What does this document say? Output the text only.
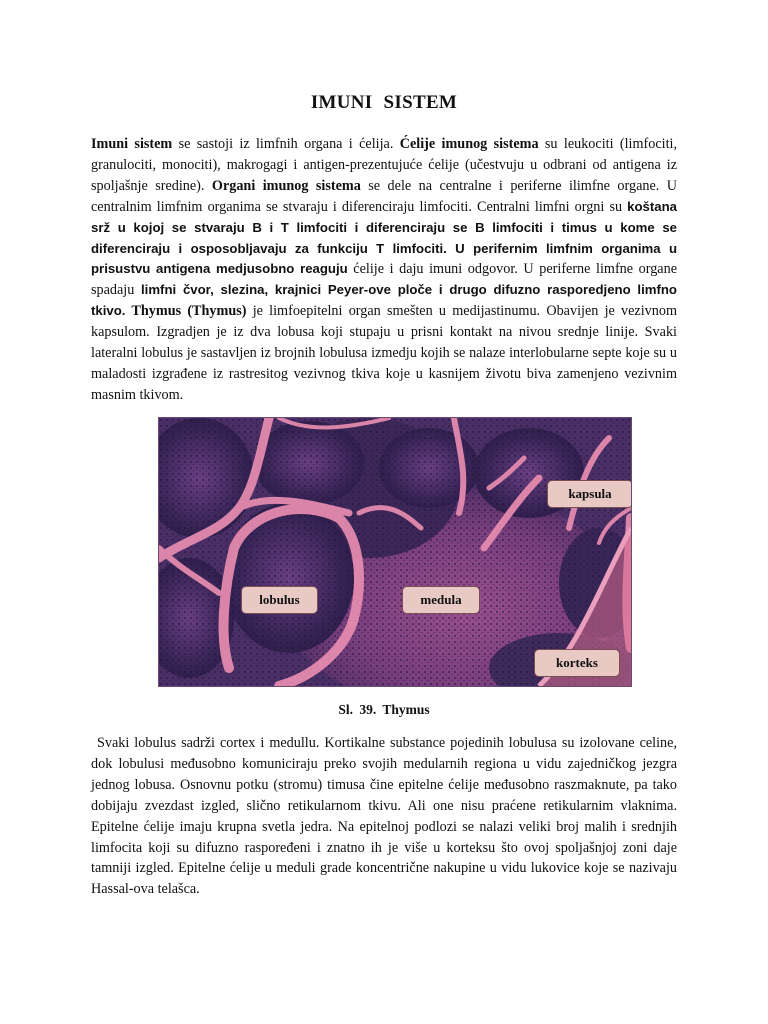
IMUNI SISTEM
Imuni sistem se sastoji iz limfnih organa i ćelija. Ćelije imunog sistema su leukociti (limfociti, granulociti, monociti), makrogagi i antigen-prezentujuće ćelije (učestvuju u odbrani od antigena iz spoljašnje sredine). Organi imunog sistema se dele na centralne i periferne ilimfne organe. U centralnim limfnim organima se stvaraju i diferenciraju limfociti. Centralni limfni orgni su koštana srž u kojoj se stvaraju B i T limfociti i diferenciraju se B limfociti i timus u kome se diferenciraju i osposobljavaju za funkciju T limfociti. U perifernim limfnim organima u prisustvu antigena medjusobno reaguju ćelije i daju imuni odgovor. U periferne limfne organe spadaju limfni čvor, slezina, krajnici Peyer-ove ploče i drugo difuzno rasporedjeno limfno tkivo. Thymus (Thymus) je limfoepitelni organ smešten u medijastinumu. Obavijen je vezivnom kapsulom. Izgradjen je iz dva lobusa koji stupaju u prisni kontakt na nivou srednje linije. Svaki lateralni lobulus je sastavljen iz brojnih lobulusa izmedju kojih se nalaze interlobularne septe koje su u maladosti izgrađene iz rastresitog vezivnog tkiva koje u kasnijem životu biva zamenjeno vezivnim masnim tkivom.
kapsula
lobulus	medula
korteks
Sl. 39. Thymus
Svaki lobulus sadrži cortex i medullu. Kortikalne substance pojedinih lobulusa su izolovane celine, dok lobulusi međusobno komuniciraju preko svojih medularnih regiona u vidu zajedničkog jezgra jednog lobusa. Osnovnu potku (stromu) timusa čine epitelne ćelije međusobno raszmaknute, pa tako dobijaju zvezdast izgled, slično retikularnom tkivu. Ali one nisu praćene retikularnim vlaknima. Epitelne ćelije imaju krupna svetla jedra. Na epitelnoj podlozi se nalazi veliki broj malih i srednjih limfocita koji su difuzno raspoređeni i znatno ih je više u korteksu što ovoj spoljašnjoj zoni daje tamniji izgled. Epitelne ćelije u meduli grade koncentrične nakupine u vidu lukovice koje se nazivaju Hassal-ova telašca.
